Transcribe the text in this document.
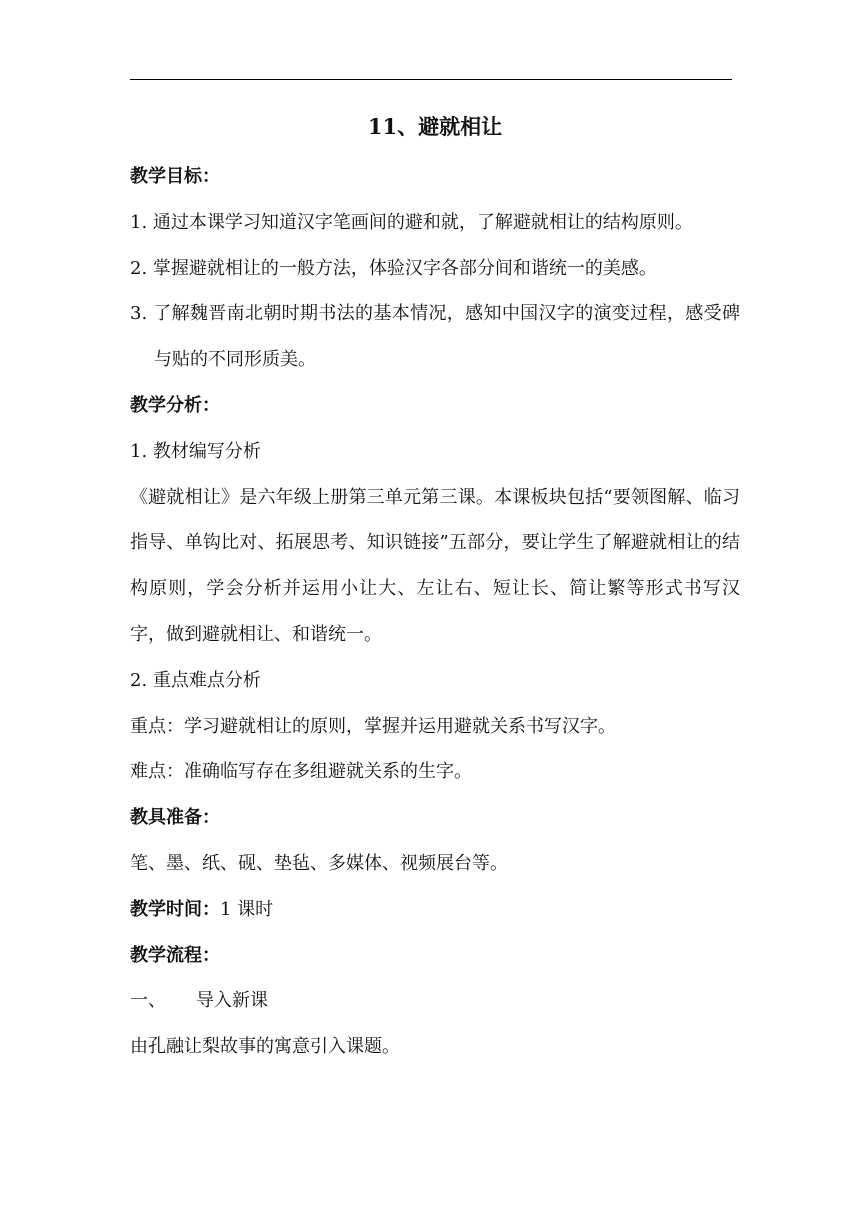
11、避就相让
教学目标：
1. 通过本课学习知道汉字笔画间的避和就，了解避就相让的结构原则。
2. 掌握避就相让的一般方法，体验汉字各部分间和谐统一的美感。
3. 了解魏晋南北朝时期书法的基本情况，感知中国汉字的演变过程，感受碑与贴的不同形质美。
教学分析：
1. 教材编写分析
《避就相让》是六年级上册第三单元第三课。本课板块包括“要领图解、临习指导、单钩比对、拓展思考、知识链接”五部分，要让学生了解避就相让的结构原则，学会分析并运用小让大、左让右、短让长、简让繁等形式书写汉字，做到避就相让、和谐统一。
2. 重点难点分析
重点：学习避就相让的原则，掌握并运用避就关系书写汉字。
难点：准确临写存在多组避就关系的生字。
教具准备：
笔、墨、纸、砚、垫毡、多媒体、视频展台等。
教学时间：1 课时
教学流程：
一、 导入新课
由孔融让梨故事的寓意引入课题。
